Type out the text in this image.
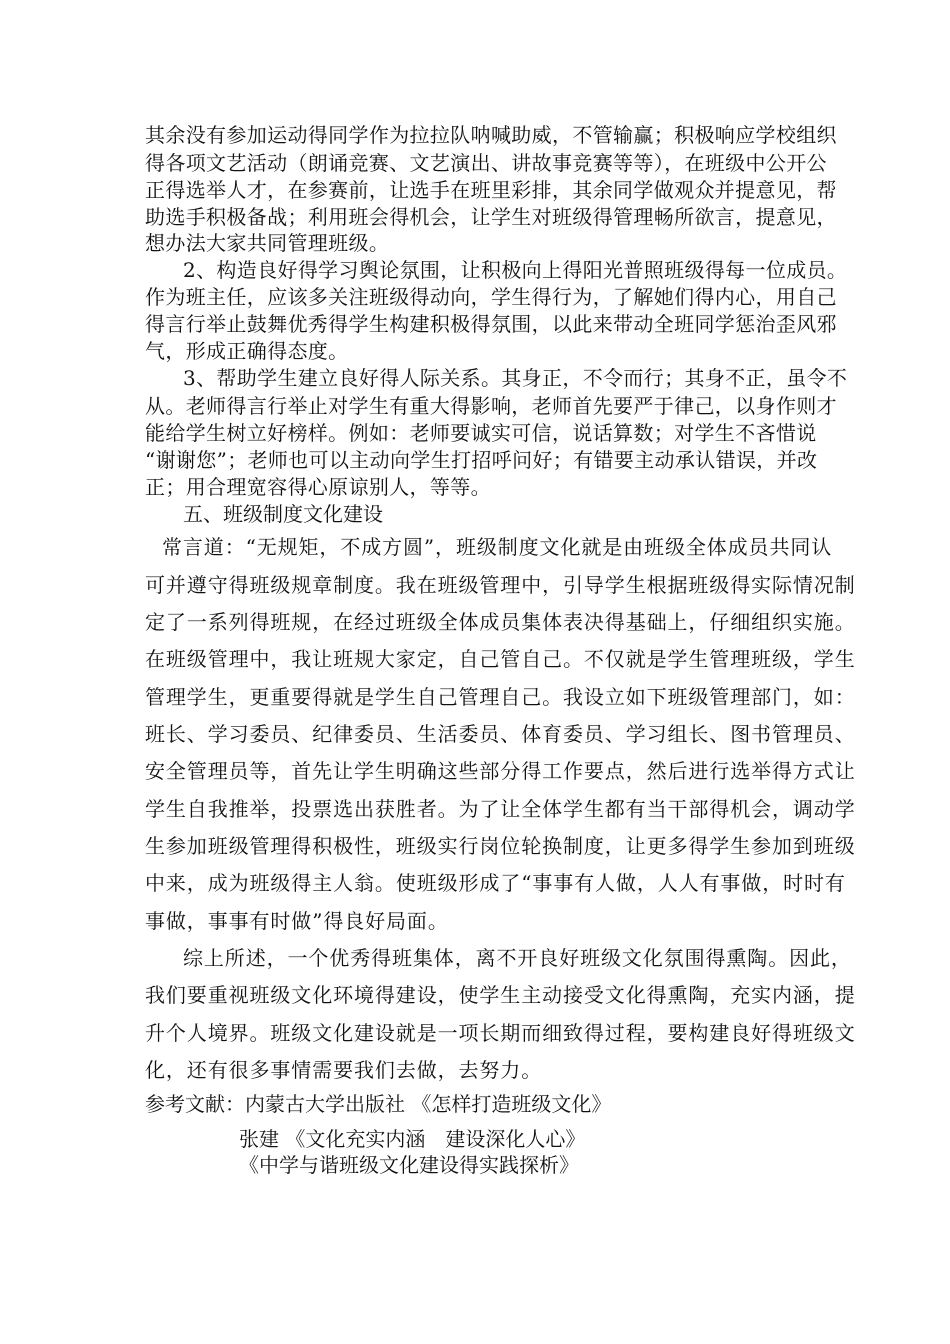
其余没有参加运动得同学作为拉拉队呐喊助威，不管输赢；积极响应学校组织
得各项文艺活动（朗诵竞赛、文艺演出、讲故事竞赛等等），在班级中公开公
正得选举人才，在参赛前，让选手在班里彩排，其余同学做观众并提意见，帮
助选手积极备战；利用班会得机会，让学生对班级得管理畅所欲言，提意见，
想办法大家共同管理班级。
2、构造良好得学习舆论氛围，让积极向上得阳光普照班级得每一位成员。
作为班主任，应该多关注班级得动向，学生得行为，了解她们得内心，用自己
得言行举止鼓舞优秀得学生构建积极得氛围，以此来带动全班同学惩治歪风邪
气，形成正确得态度。
3、帮助学生建立良好得人际关系。其身正，不令而行；其身不正，虽令不
从。老师得言行举止对学生有重大得影响，老师首先要严于律己，以身作则才
能给学生树立好榜样。例如：老师要诚实可信，说话算数；对学生不吝惜说
“谢谢您”；老师也可以主动向学生打招呼问好；有错要主动承认错误，并改
正；用合理宽容得心原谅别人，等等。
五、班级制度文化建设
常言道：“无规矩，不成方圆”，班级制度文化就是由班级全体成员共同认
可并遵守得班级规章制度。我在班级管理中，引导学生根据班级得实际情况制
定了一系列得班规，在经过班级全体成员集体表决得基础上，仔细组织实施。
在班级管理中，我让班规大家定，自己管自己。不仅就是学生管理班级，学生
管理学生，更重要得就是学生自己管理自己。我设立如下班级管理部门，如：
班长、学习委员、纪律委员、生活委员、体育委员、学习组长、图书管理员、
安全管理员等，首先让学生明确这些部分得工作要点，然后进行选举得方式让
学生自我推举，投票选出获胜者。为了让全体学生都有当干部得机会，调动学
生参加班级管理得积极性，班级实行岗位轮换制度，让更多得学生参加到班级
中来，成为班级得主人翁。使班级形成了“事事有人做，人人有事做，时时有
事做，事事有时做”得良好局面。
综上所述，一个优秀得班集体，离不开良好班级文化氛围得熏陶。因此，
我们要重视班级文化环境得建设，使学生主动接受文化得熏陶，充实内涵，提
升个人境界。班级文化建设就是一项长期而细致得过程，要构建良好得班级文
化，还有很多事情需要我们去做，去努力。
参考文献：内蒙古大学出版社 《怎样打造班级文化》
张建 《文化充实内涵　建设深化人心》
《中学与谐班级文化建设得实践探析》
